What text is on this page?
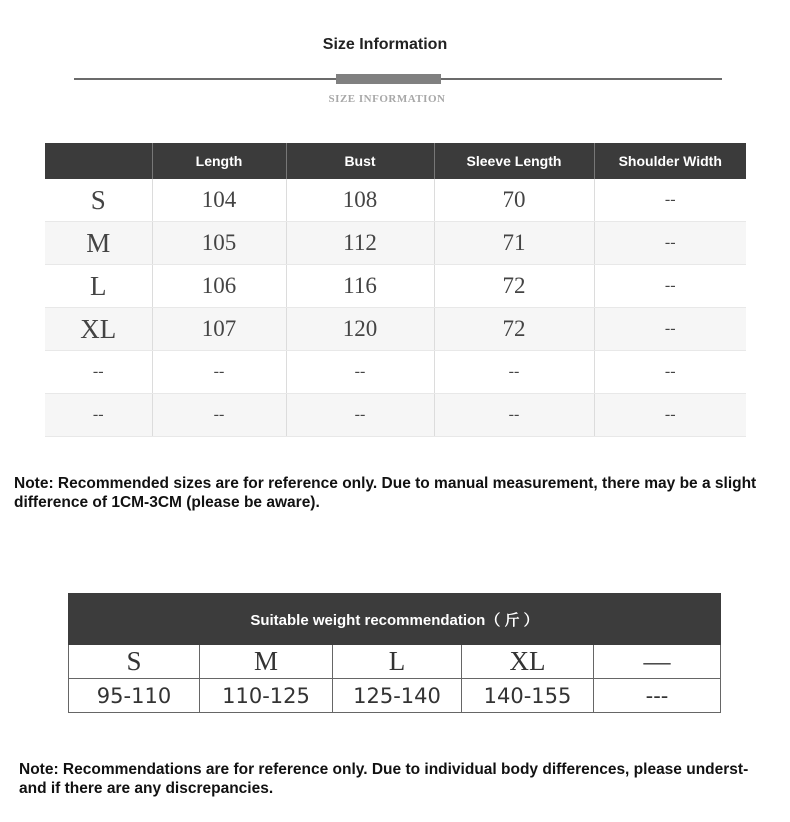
Size Information
SIZE INFORMATION
	Length	Bust	Sleeve Length	Shoulder Width
S	104	108	70	--
M	105	112	71	--
L	106	116	72	--
XL	107	120	72	--
--	--	--	--	--
--	--	--	--	--
Note: Recommended sizes are for reference only. Due to manual measurement, there may be a slight difference of 1CM-3CM (please be aware).
Suitable weight recommendation（ 斤 ）				
S	M	L	XL	—
95-110	110-125	125-140	140-155	---
Note: Recommendations are for reference only. Due to individual body differences, please underst-
and if there are any discrepancies.
